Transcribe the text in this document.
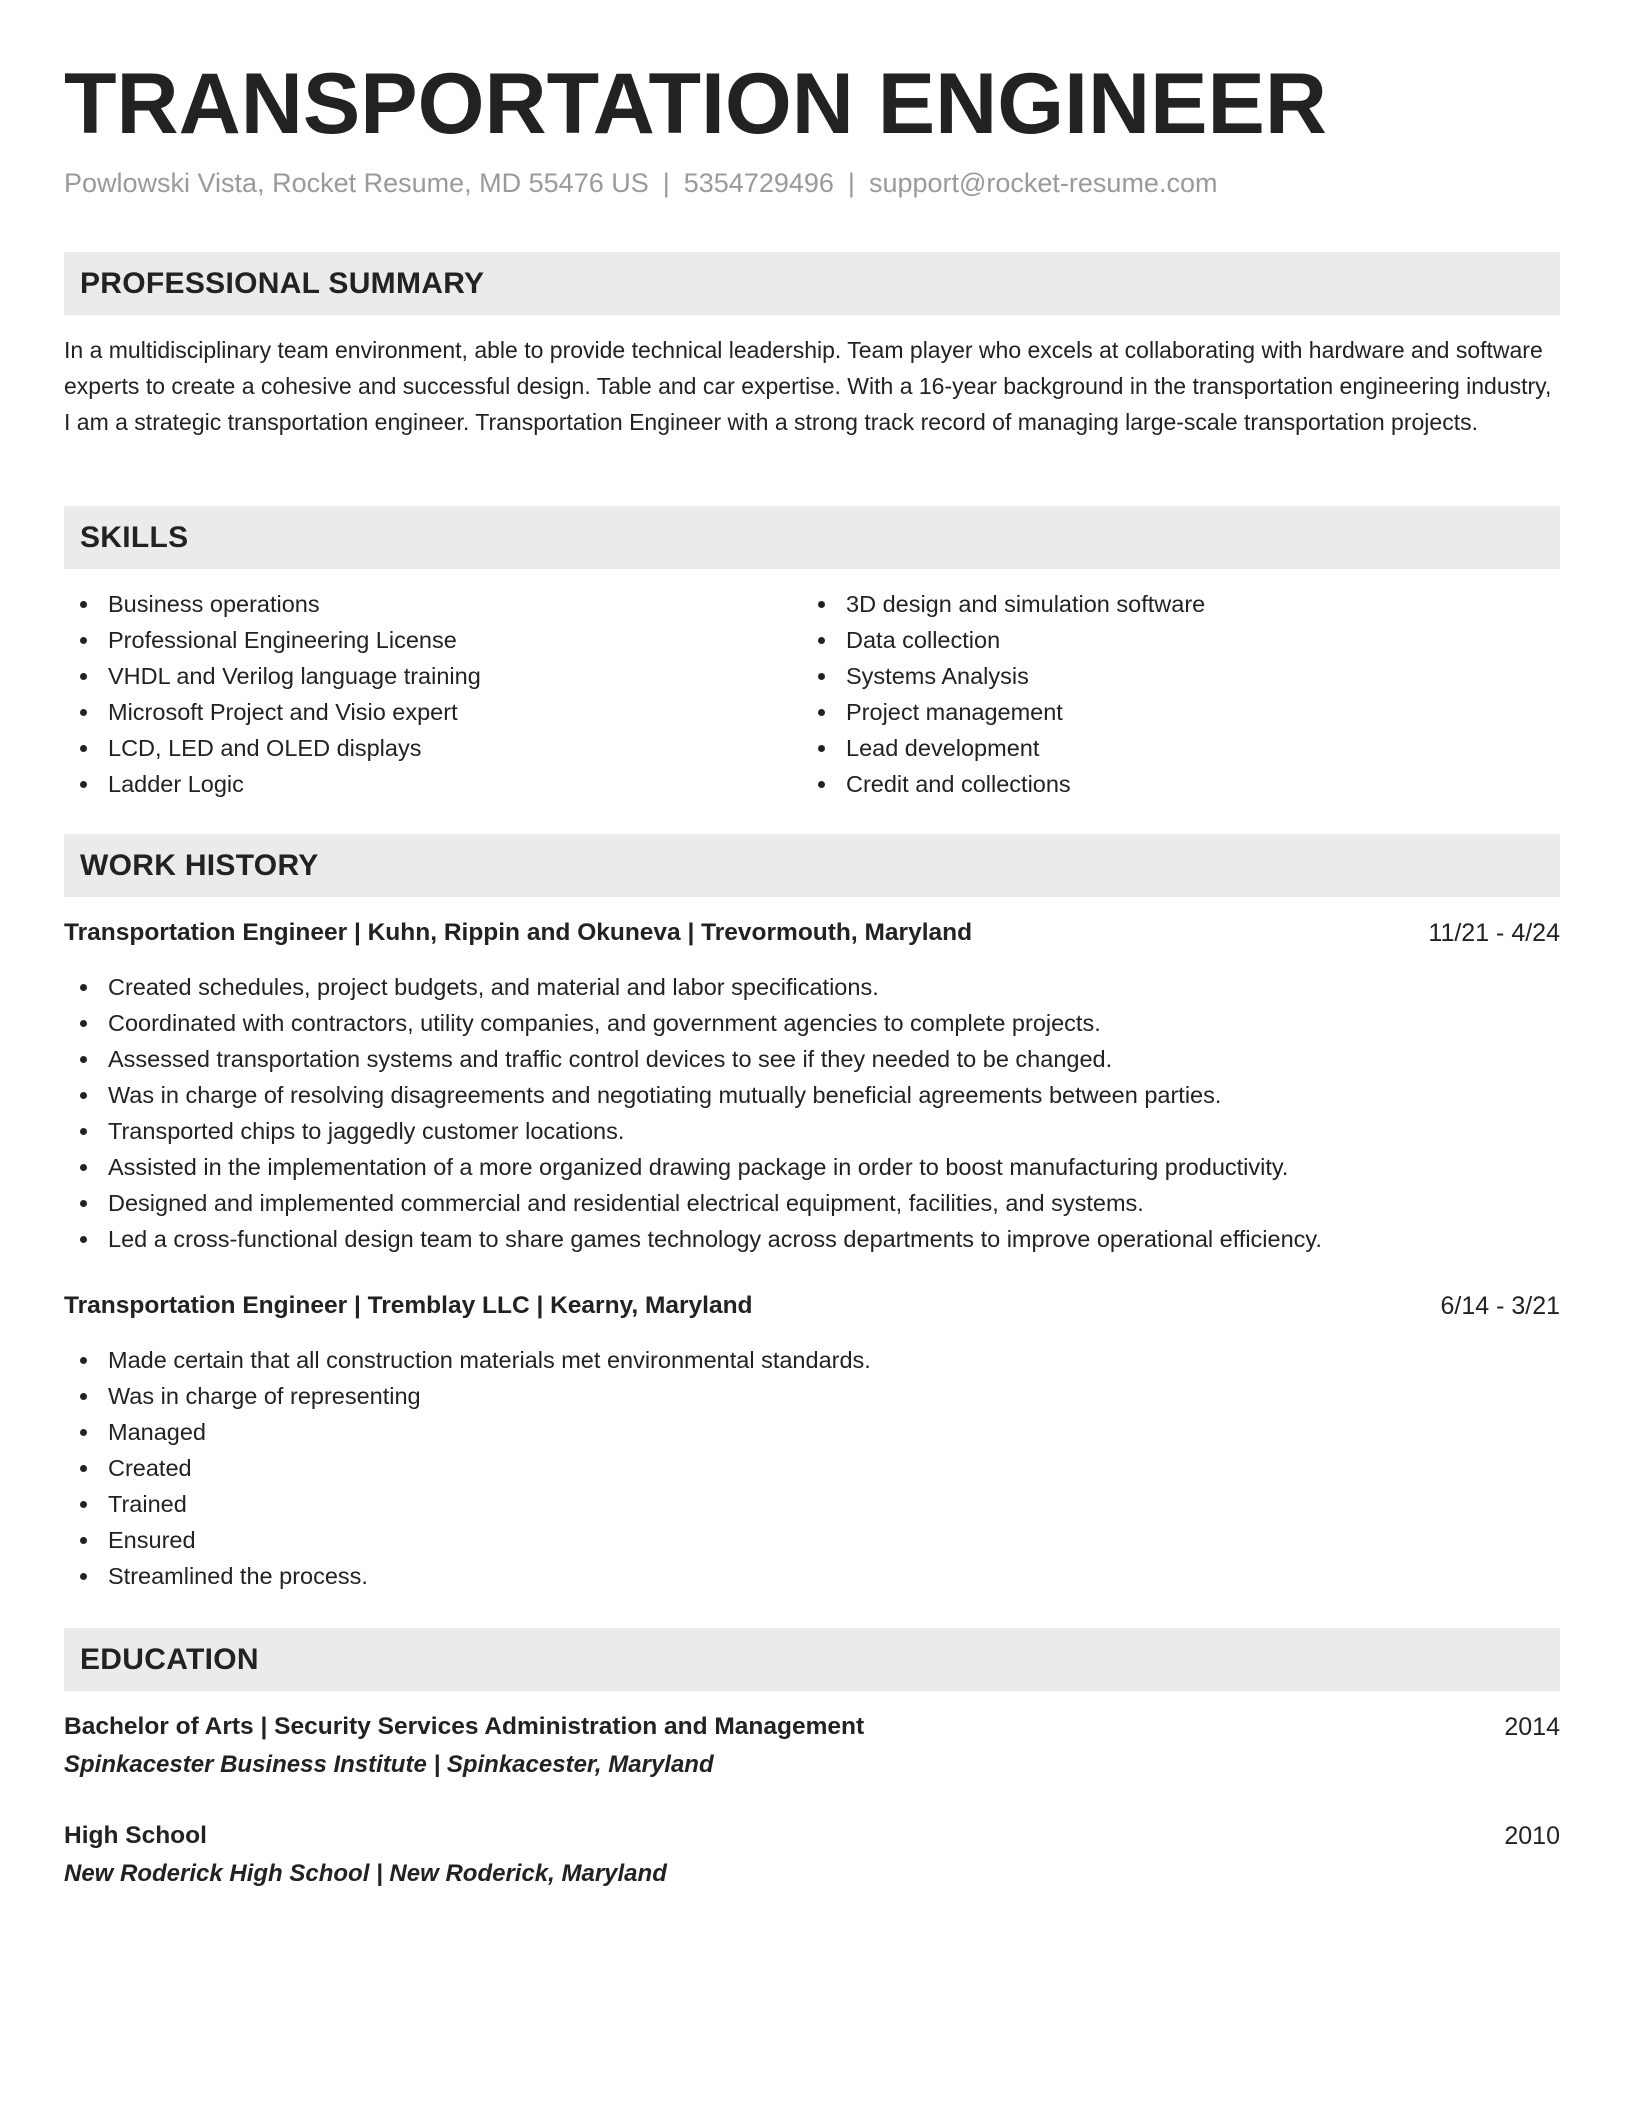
TRANSPORTATION ENGINEER
Powlowski Vista, Rocket Resume, MD 55476 US | 5354729496 | support@rocket-resume.com
PROFESSIONAL SUMMARY

In a multidisciplinary team environment, able to provide technical leadership. Team player who excels at collaborating with hardware and software experts to create a cohesive and successful design. Table and car expertise. With a 16-year background in the transportation engineering industry, I am a strategic transportation engineer. Transportation Engineer with a strong track record of managing large-scale transportation projects.

SKILLS
Business operations
Professional Engineering License
VHDL and Verilog language training
Microsoft Project and Visio expert
LCD, LED and OLED displays
Ladder Logic
3D design and simulation software
Data collection
Systems Analysis
Project management
Lead development
Credit and collections
WORK HISTORY
Transportation Engineer | Kuhn, Rippin and Okuneva | Trevormouth, Maryland	11/21 - 4/24
Created schedules, project budgets, and material and labor specifications.
Coordinated with contractors, utility companies, and government agencies to complete projects.
Assessed transportation systems and traffic control devices to see if they needed to be changed.
Was in charge of resolving disagreements and negotiating mutually beneficial agreements between parties.
Transported chips to jaggedly customer locations.
Assisted in the implementation of a more organized drawing package in order to boost manufacturing productivity.
Designed and implemented commercial and residential electrical equipment, facilities, and systems.
Led a cross-functional design team to share games technology across departments to improve operational efficiency.
Transportation Engineer | Tremblay LLC | Kearny, Maryland	6/14 - 3/21
Made certain that all construction materials met environmental standards.
Was in charge of representing
Managed
Created
Trained
Ensured
Streamlined the process.
EDUCATION
Bachelor of Arts | Security Services Administration and Management	2014
Spinkacester Business Institute | Spinkacester, Maryland
High School	2010
New Roderick High School | New Roderick, Maryland
